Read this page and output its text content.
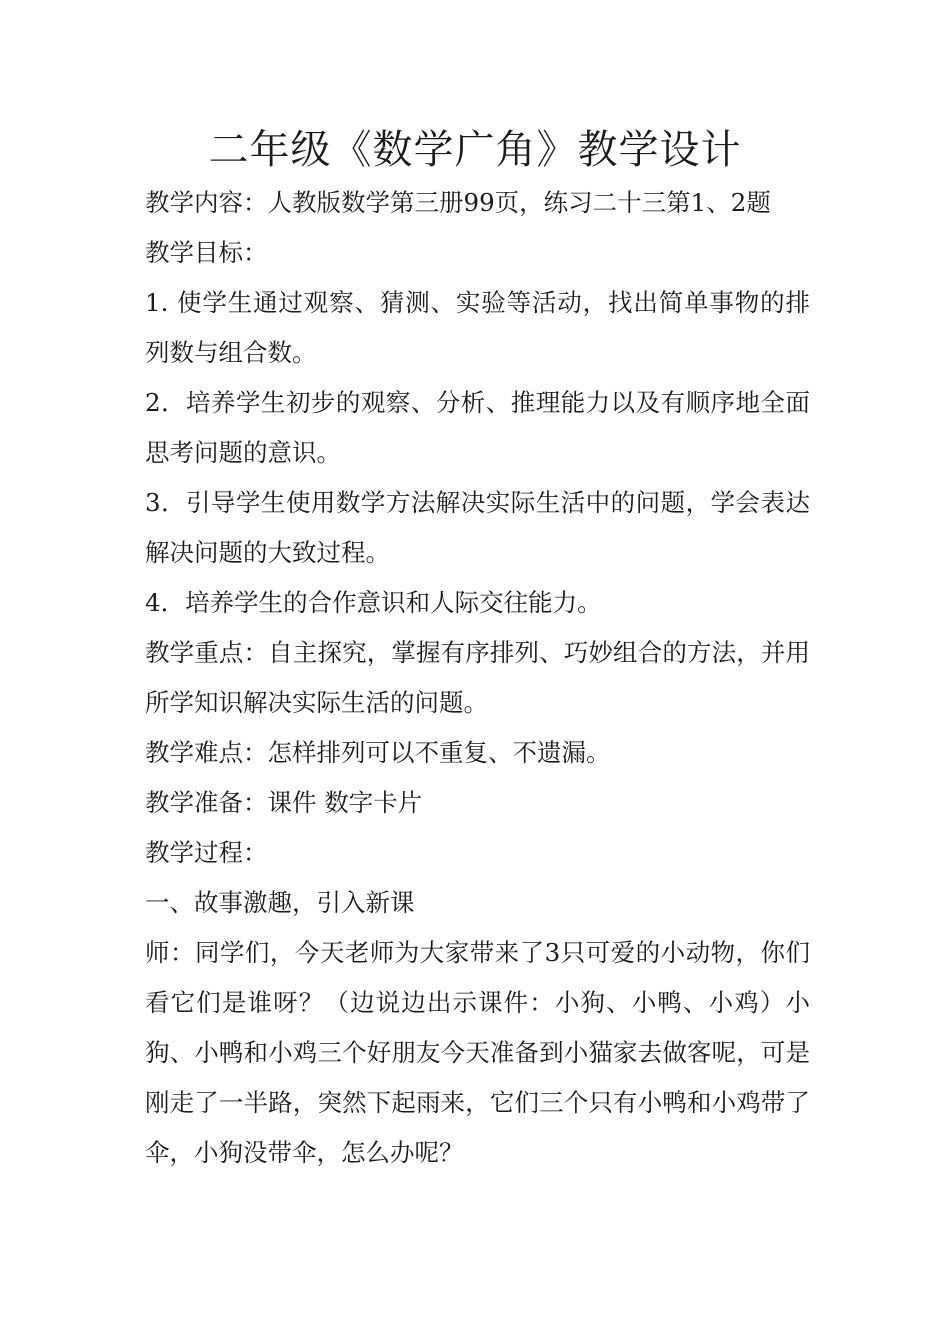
二年级《数学广角》教学设计

教学内容：人教版数学第三册99页，练习二十三第1、2题

教学目标：

1. 使学生通过观察、猜测、实验等活动，找出简单事物的排列数与组合数。

2．培养学生初步的观察、分析、推理能力以及有顺序地全面思考问题的意识。

3．引导学生使用数学方法解决实际生活中的问题，学会表达解决问题的大致过程。

4．培养学生的合作意识和人际交往能力。

教学重点：自主探究，掌握有序排列、巧妙组合的方法，并用所学知识解决实际生活的问题。

教学难点：怎样排列可以不重复、不遗漏。

教学准备：课件 数字卡片

教学过程：

一、故事激趣，引入新课

师：同学们，今天老师为大家带来了3只可爱的小动物，你们看它们是谁呀？（边说边出示课件：小狗、小鸭、小鸡）小狗、小鸭和小鸡三个好朋友今天准备到小猫家去做客呢，可是刚走了一半路，突然下起雨来，它们三个只有小鸭和小鸡带了伞，小狗没带伞，怎么办呢？
